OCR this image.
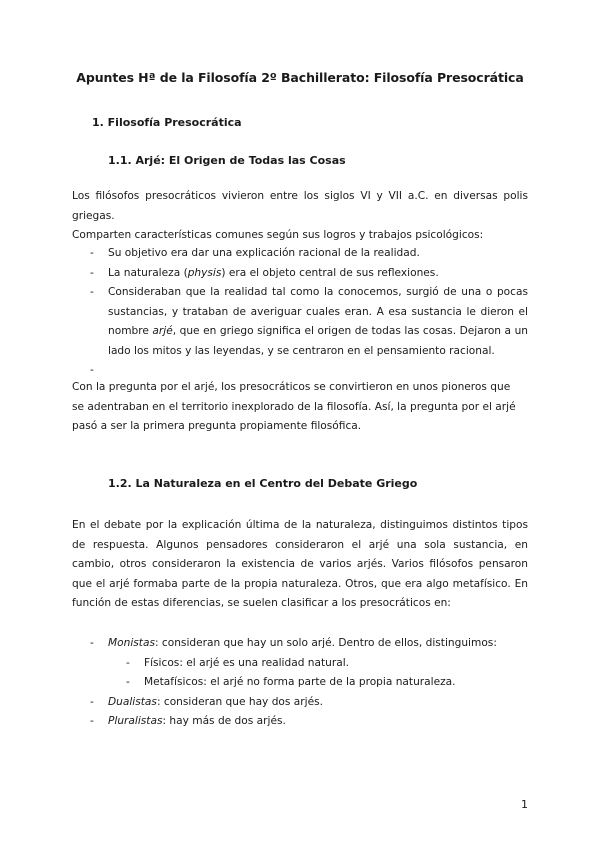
Apuntes Hª de la Filosofía 2º Bachillerato: Filosofía Presocrática
1. Filosofía Presocrática
1.1. Arjé: El Origen de Todas las Cosas

Los filósofos presocráticos vivieron entre los siglos VI y VII a.C. en diversas polis griegas.

Comparten características comunes según sus logros y trabajos psicológicos:

- Su objetivo era dar una explicación racional de la realidad.
- La naturaleza (physis) era el objeto central de sus reflexiones.
- Consideraban que la realidad tal como la conocemos, surgió de una o pocas sustancias, y trataban de averiguar cuales eran. A esa sustancia le dieron el nombre arjé, que en griego significa el origen de todas las cosas. Dejaron a un lado los mitos y las leyendas, y se centraron en el pensamiento racional.
-

Con la pregunta por el arjé, los presocráticos se convirtieron en unos pioneros que

se adentraban en el territorio inexplorado de la filosofía. Así, la pregunta por el arjé

pasó a ser la primera pregunta propiamente filosófica.

1.2. La Naturaleza en el Centro del Debate Griego

En el debate por la explicación última de la naturaleza, distinguimos distintos tipos de respuesta. Algunos pensadores consideraron el arjé una sola sustancia, en cambio, otros consideraron la existencia de varios arjés. Varios filósofos pensaron que el arjé formaba parte de la propia naturaleza. Otros, que era algo metafísico. En función de estas diferencias, se suelen clasificar a los presocráticos en:

- Monistas: consideran que hay un solo arjé. Dentro de ellos, distinguimos:
- Físicos: el arjé es una realidad natural.
- Metafísicos: el arjé no forma parte de la propia naturaleza.
- Dualistas: consideran que hay dos arjés.
- Pluralistas: hay más de dos arjés.
1
